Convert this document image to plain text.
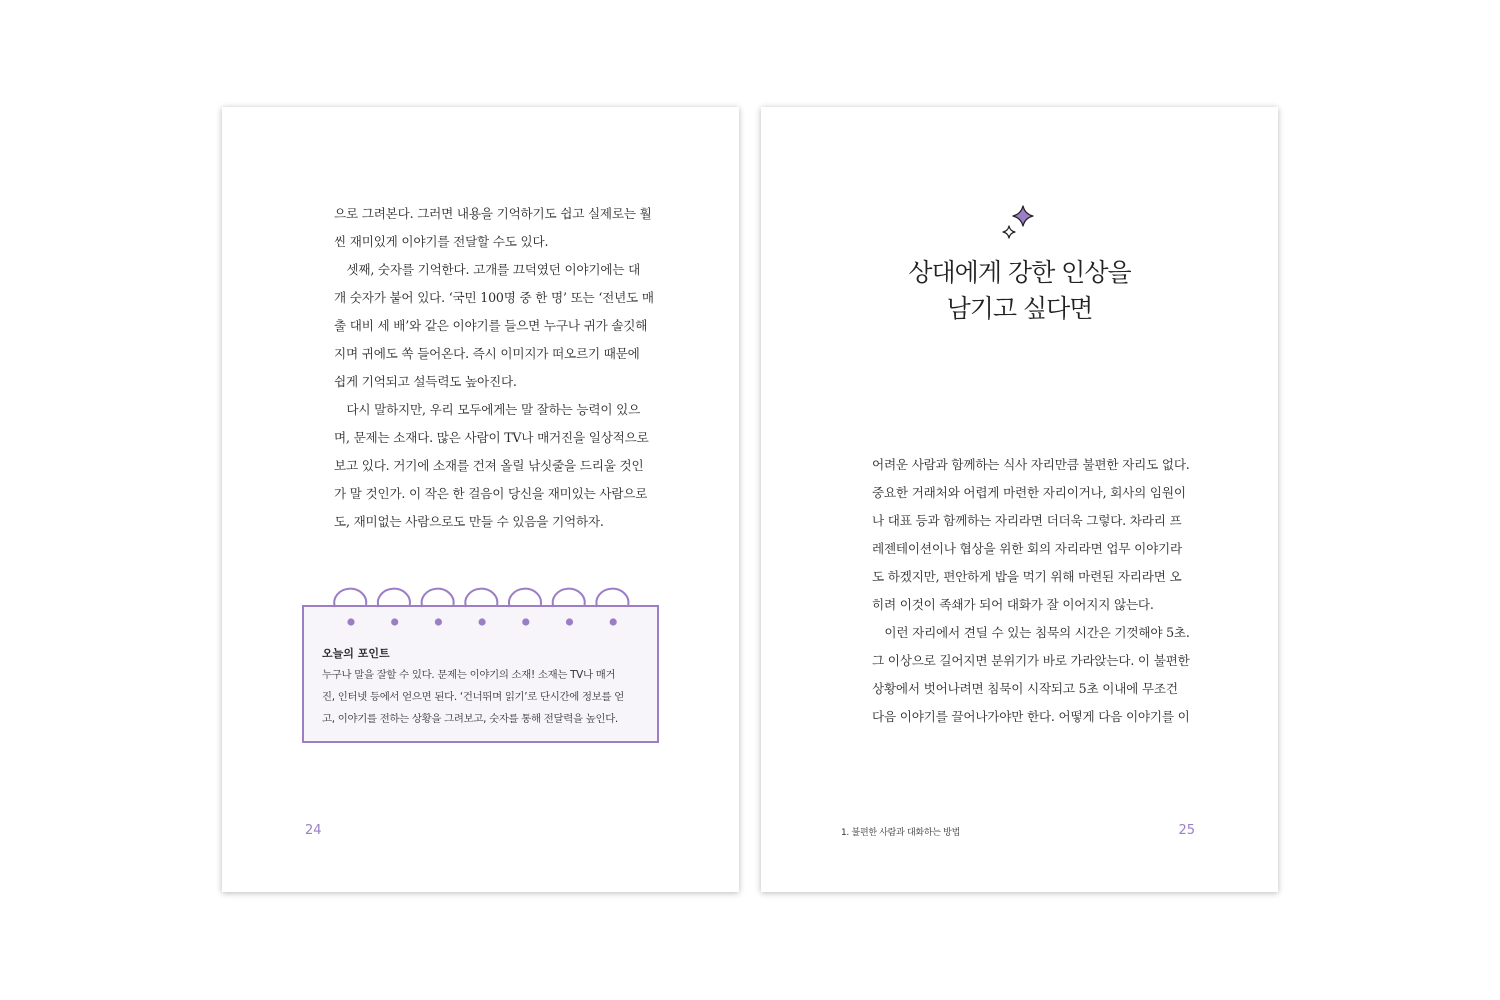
으로 그려본다. 그러면 내용을 기억하기도 쉽고 실제로는 훨

씬 재미있게 이야기를 전달할 수도 있다.

　셋째, 숫자를 기억한다. 고개를 끄덕였던 이야기에는 대

개 숫자가 붙어 있다. ‘국민 100명 중 한 명’ 또는 ‘전년도 매

출 대비 세 배’와 같은 이야기를 들으면 누구나 귀가 솔깃해

지며 귀에도 쏙 들어온다. 즉시 이미지가 떠오르기 때문에

쉽게 기억되고 설득력도 높아진다.

　다시 말하지만, 우리 모두에게는 말 잘하는 능력이 있으

며, 문제는 소재다. 많은 사람이 TV나 매거진을 일상적으로

보고 있다. 거기에 소재를 건져 올릴 낚싯줄을 드리울 것인

가 말 것인가. 이 작은 한 걸음이 당신을 재미있는 사람으로

도, 재미없는 사람으로도 만들 수 있음을 기억하자.

오늘의 포인트
누구나 말을 잘할 수 있다. 문제는 이야기의 소재! 소재는 TV나 매거
진, 인터넷 등에서 얻으면 된다. ‘건너뛰며 읽기’로 단시간에 정보를 얻
고, 이야기를 전하는 상황을 그려보고, 숫자를 통해 전달력을 높인다.
24
상대에게 강한 인상을
남기고 싶다면

어려운 사람과 함께하는 식사 자리만큼 불편한 자리도 없다.

중요한 거래처와 어렵게 마련한 자리이거나, 회사의 임원이

나 대표 등과 함께하는 자리라면 더더욱 그렇다. 차라리 프

레젠테이션이나 협상을 위한 회의 자리라면 업무 이야기라

도 하겠지만, 편안하게 밥을 먹기 위해 마련된 자리라면 오

히려 이것이 족쇄가 되어 대화가 잘 이어지지 않는다.

　이런 자리에서 견딜 수 있는 침묵의 시간은 기껏해야 5초.

그 이상으로 길어지면 분위기가 바로 가라앉는다. 이 불편한

상황에서 벗어나려면 침묵이 시작되고 5초 이내에 무조건

다음 이야기를 끌어나가야만 한다. 어떻게 다음 이야기를 이

1. 불편한 사람과 대화하는 방법	25
